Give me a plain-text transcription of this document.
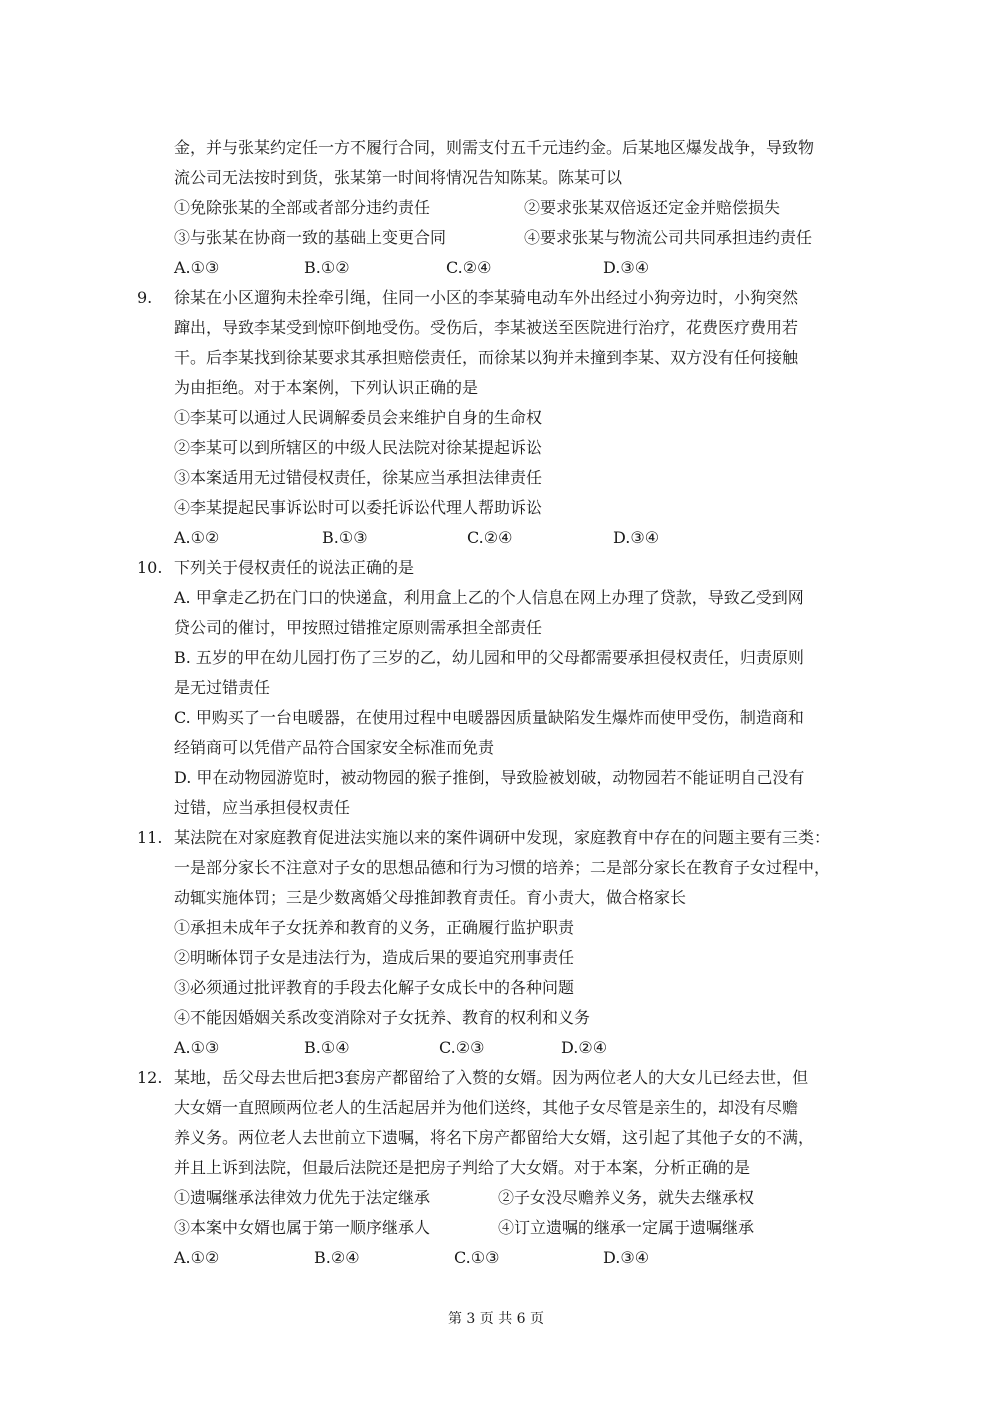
金，并与张某约定任一方不履行合同，则需支付五千元违约金。后某地区爆发战争，导致物
流公司无法按时到货，张某第一时间将情况告知陈某。陈某可以
①免除张某的全部或者部分违约责任	②要求张某双倍返还定金并赔偿损失
③与张某在协商一致的基础上变更合同	④要求张某与物流公司共同承担违约责任
A.①③	B.①②	C.②④	D.③④
9. 徐某在小区遛狗未拴牵引绳，住同一小区的李某骑电动车外出经过小狗旁边时，小狗突然
蹿出，导致李某受到惊吓倒地受伤。受伤后，李某被送至医院进行治疗，花费医疗费用若
干。后李某找到徐某要求其承担赔偿责任，而徐某以狗并未撞到李某、双方没有任何接触
为由拒绝。对于本案例，下列认识正确的是
①李某可以通过人民调解委员会来维护自身的生命权
②李某可以到所辖区的中级人民法院对徐某提起诉讼
③本案适用无过错侵权责任，徐某应当承担法律责任
④李某提起民事诉讼时可以委托诉讼代理人帮助诉讼
A.①②	B.①③	C.②④	D.③④
10. 下列关于侵权责任的说法正确的是
A. 甲拿走乙扔在门口的快递盒，利用盒上乙的个人信息在网上办理了贷款，导致乙受到网
贷公司的催讨，甲按照过错推定原则需承担全部责任
B. 五岁的甲在幼儿园打伤了三岁的乙，幼儿园和甲的父母都需要承担侵权责任，归责原则
是无过错责任
C. 甲购买了一台电暖器，在使用过程中电暖器因质量缺陷发生爆炸而使甲受伤，制造商和
经销商可以凭借产品符合国家安全标准而免责
D. 甲在动物园游览时，被动物园的猴子推倒，导致脸被划破，动物园若不能证明自己没有
过错，应当承担侵权责任
11. 某法院在对家庭教育促进法实施以来的案件调研中发现，家庭教育中存在的问题主要有三类：
一是部分家长不注意对子女的思想品德和行为习惯的培养；二是部分家长在教育子女过程中，
动辄实施体罚；三是少数离婚父母推卸教育责任。育小责大，做合格家长
①承担未成年子女抚养和教育的义务，正确履行监护职责
②明晰体罚子女是违法行为，造成后果的要追究刑事责任
③必须通过批评教育的手段去化解子女成长中的各种问题
④不能因婚姻关系改变消除对子女抚养、教育的权利和义务
A.①③	B.①④	C.②③	D.②④
12. 某地，岳父母去世后把3套房产都留给了入赘的女婿。因为两位老人的大女儿已经去世，但
大女婿一直照顾两位老人的生活起居并为他们送终，其他子女尽管是亲生的，却没有尽赡
养义务。两位老人去世前立下遗嘱，将名下房产都留给大女婿，这引起了其他子女的不满，
并且上诉到法院，但最后法院还是把房子判给了大女婿。对于本案，分析正确的是
①遗嘱继承法律效力优先于法定继承	②子女没尽赡养义务，就失去继承权
③本案中女婿也属于第一顺序继承人	④订立遗嘱的继承一定属于遗嘱继承
A.①②	B.②④	C.①③	D.③④
第 3 页 共 6 页
